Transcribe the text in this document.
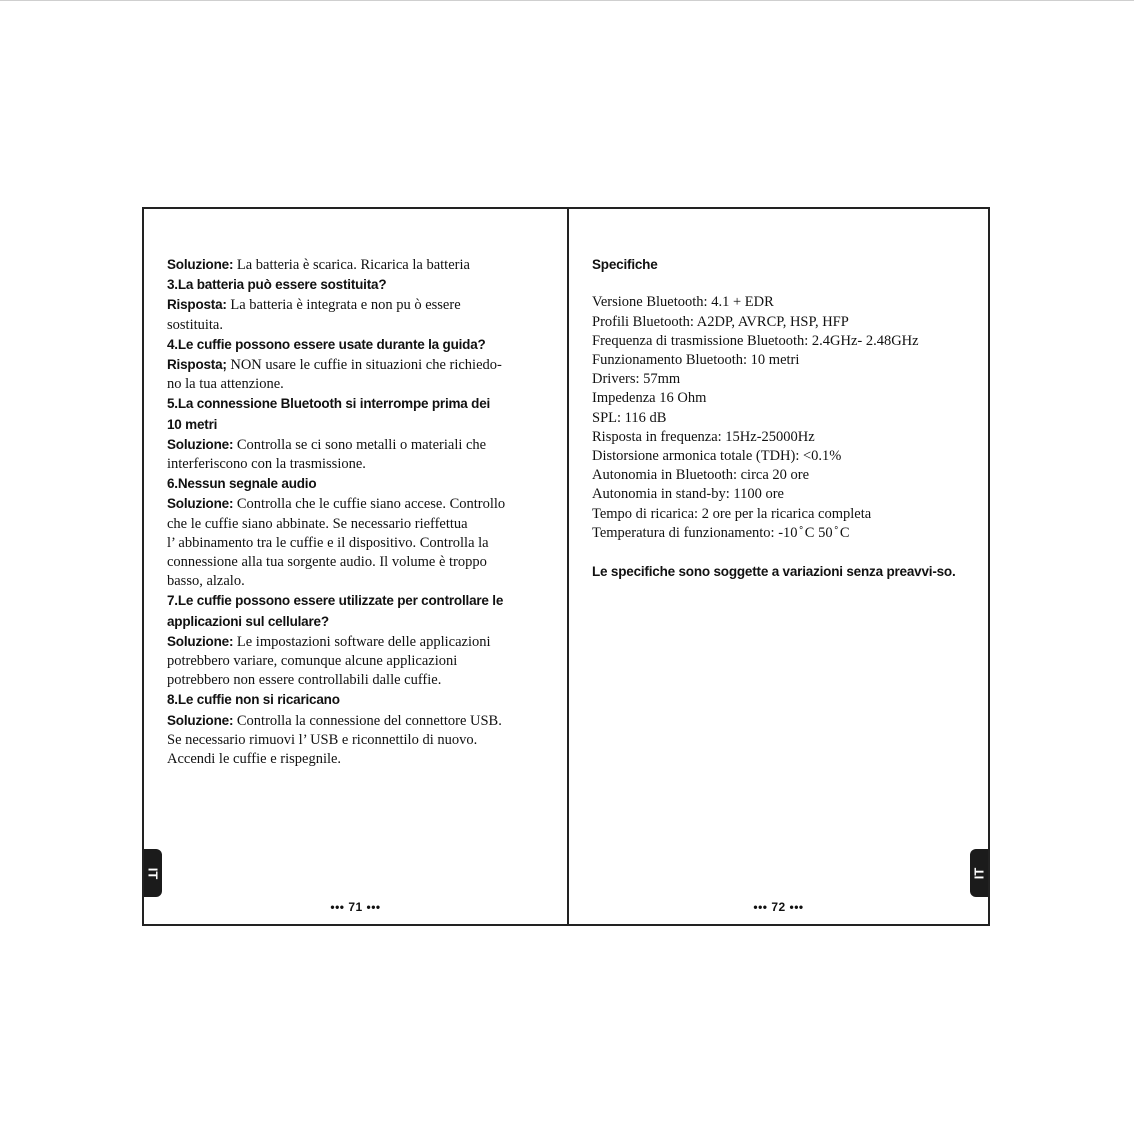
Soluzione: La batteria è scarica. Ricarica la batteria
3.La batteria può essere sostituita?
Risposta: La batteria è integrata e non pu ò essere
sostituita.
4.Le cuffie possono essere usate durante la guida?
Risposta; NON usare le cuffie in situazioni che richiedo-
no la tua attenzione.
5.La connessione Bluetooth si interrompe prima dei
10 metri
Soluzione: Controlla se ci sono metalli o materiali che
interferiscono con la trasmissione.
6.Nessun segnale audio
Soluzione: Controlla che le cuffie siano accese. Controllo
che le cuffie siano abbinate. Se necessario rieffettua
l’ abbinamento tra le cuffie e il dispositivo. Controlla la
connessione alla tua sorgente audio. Il volume è troppo
basso, alzalo.
7.Le cuffie possono essere utilizzate per controllare le
applicazioni sul cellulare?
Soluzione: Le impostazioni software delle applicazioni
potrebbero variare, comunque alcune applicazioni
potrebbero non essere controllabili dalle cuffie.
8.Le cuffie non si ricaricano
Soluzione: Controlla la connessione del connettore USB.
Se necessario rimuovi l’ USB e riconnettilo di nuovo.
Accendi le cuffie e rispegnile.
••• 71 •••
IT
Specifiche
Versione Bluetooth: 4.1 + EDR
Profili Bluetooth: A2DP, AVRCP, HSP, HFP
Frequenza di trasmissione Bluetooth: 2.4GHz- 2.48GHz
Funzionamento Bluetooth: 10 metri
Drivers: 57mm
Impedenza 16 Ohm
SPL: 116 dB
Risposta in frequenza: 15Hz-25000Hz
Distorsione armonica totale (TDH): <0.1%
Autonomia in Bluetooth: circa 20 ore
Autonomia in stand-by: 1100 ore
Tempo di ricarica: 2 ore per la ricarica completa
Temperatura di funzionamento: -10 ̊ C 50 ̊ C
Le specifiche sono soggette a variazioni senza preavvi-so.
••• 72 •••
IT
